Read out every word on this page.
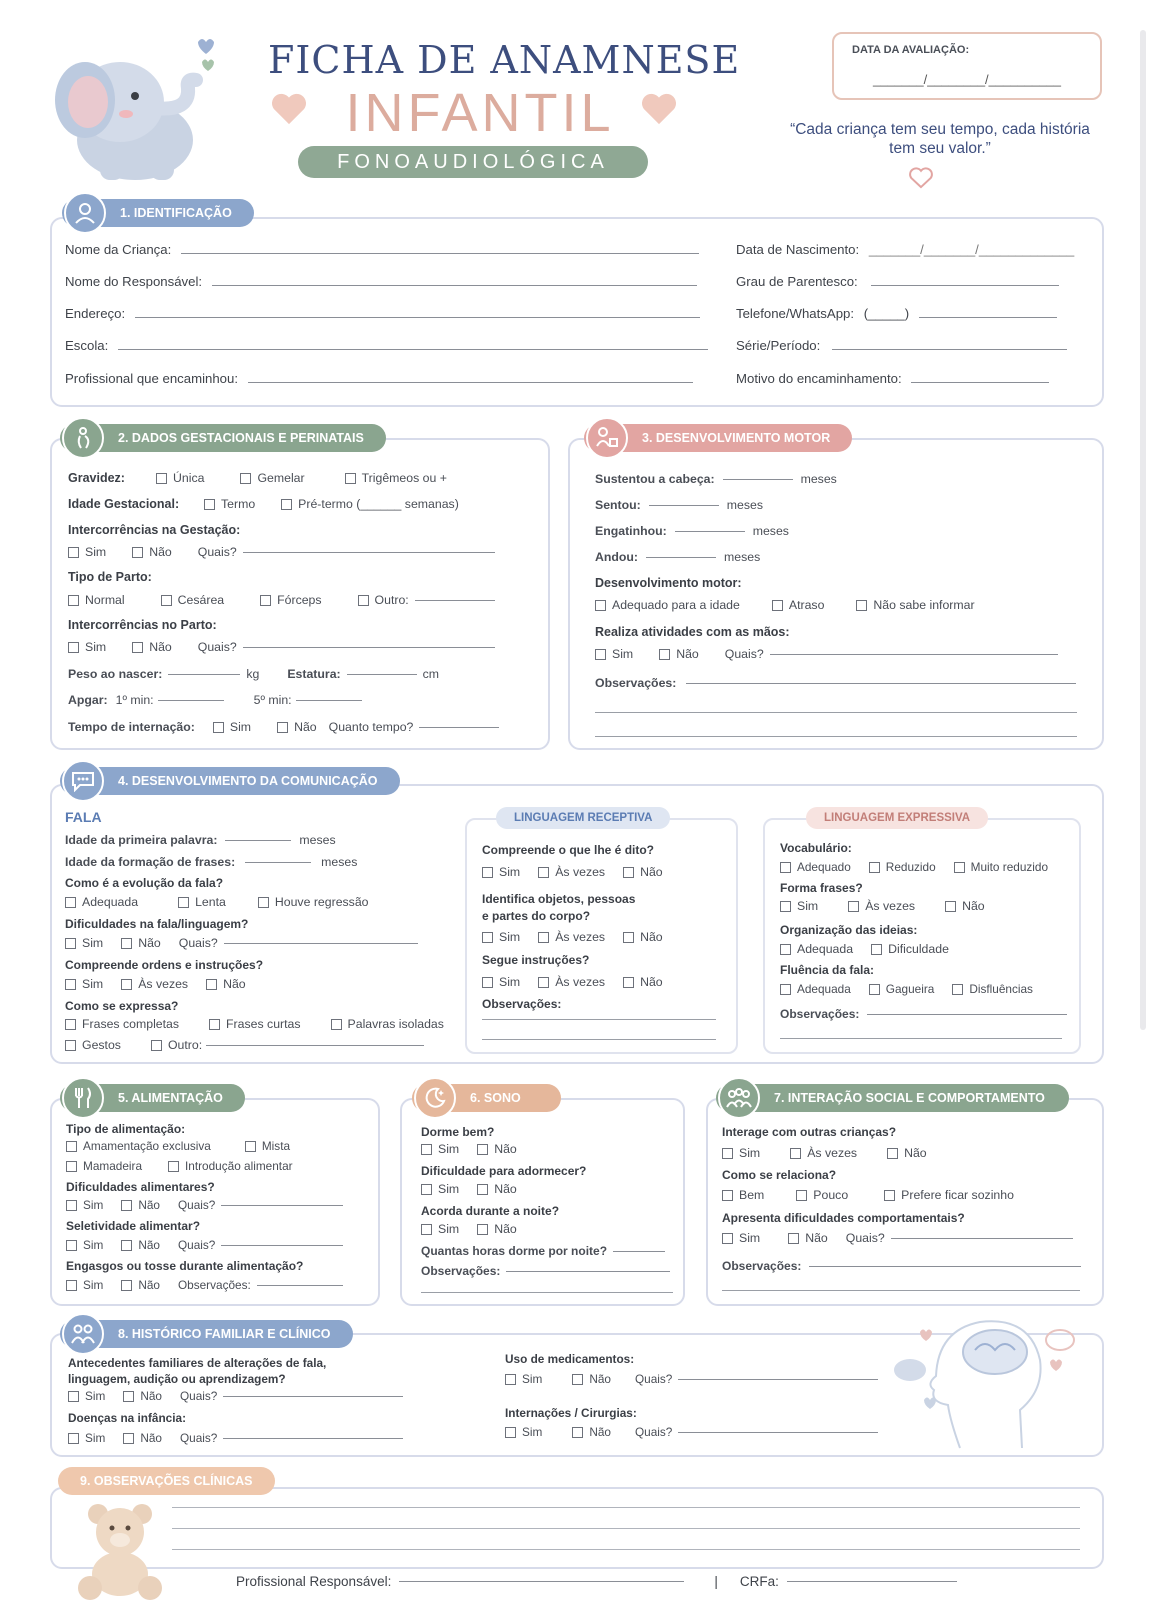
FICHA DE ANAMNESE
INFANTIL
FONOAUDIOLÓGICA
DATA DA AVALIAÇÃO:
_______/________/__________
“Cada criança tem seu tempo, cada história tem seu valor.”
1. IDENTIFICAÇÃO
Nome da Criança:
Nome do Responsável:
Endereço:
Escola:
Profissional que encaminhou:
Data de Nascimento: _______/_______/_____________
Grau de Parentesco:
Telefone/WhatsApp: (_____)
Série/Período:
Motivo do encaminhamento:
2. DADOS GESTACIONAIS E PERINATAIS
Gravidez:	Única	Gemelar	Trigêmeos ou +
Idade Gestacional:	Termo	Pré-termo (______ semanas)
Intercorrências na Gestação:
Sim	Não Quais?
Tipo de Parto:
Normal	Cesárea	Fórceps	Outro:
Intercorrências no Parto:
Sim	Não Quais?
Peso ao nascer:	kg Estatura:	cm
Apgar: 1º min:	5º min:
Tempo de internação:	Sim	Não Quanto tempo?
3. DESENVOLVIMENTO MOTOR
Sustentou a cabeça:	meses
Sentou:	meses
Engatinhou:	meses
Andou:	meses
Desenvolvimento motor:
Adequado para a idade	Atraso	Não sabe informar
Realiza atividades com as mãos:
Sim	Não Quais?
Observações:
4. DESENVOLVIMENTO DA COMUNICAÇÃO
FALA
Idade da primeira palavra:	meses
Idade da formação de frases:	meses
Como é a evolução da fala?
Adequada	Lenta	Houve regressão
Dificuldades na fala/linguagem?
Sim	Não Quais?
Compreende ordens e instruções?
Sim	Às vezes	Não
Como se expressa?
Frases completas	Frases curtas	Palavras isoladas
Gestos	Outro:
LINGUAGEM RECEPTIVA
Compreende o que lhe é dito?
Sim	Às vezes	Não
Identifica objetos, pessoas
e partes do corpo?
Sim	Às vezes	Não
Segue instruções?
Sim	Às vezes	Não
Observações:
LINGUAGEM EXPRESSIVA
Vocabulário:
Adequado	Reduzido	Muito reduzido
Forma frases?
Sim	Às vezes	Não
Organização das ideias:
Adequada	Dificuldade
Fluência da fala:
Adequada	Gagueira	Disfluências
Observações:
5. ALIMENTAÇÃO
Tipo de alimentação:
Amamentação exclusiva	Mista
Mamadeira	Introdução alimentar
Dificuldades alimentares?
Sim	Não Quais?
Seletividade alimentar?
Sim	Não Quais?
Engasgos ou tosse durante alimentação?
Sim	Não Observações:
6. SONO
Dorme bem?
Sim	Não
Dificuldade para adormecer?
Sim	Não
Acorda durante a noite?
Sim	Não
Quantas horas dorme por noite?
Observações:
7. INTERAÇÃO SOCIAL E COMPORTAMENTO
Interage com outras crianças?
Sim	Às vezes	Não
Como se relaciona?
Bem	Pouco	Prefere ficar sozinho
Apresenta dificuldades comportamentais?
Sim	Não Quais?
Observações:
8. HISTÓRICO FAMILIAR E CLÍNICO
Antecedentes familiares de alterações de fala,
linguagem, audição ou aprendizagem?
Sim	Não Quais?
Doenças na infância:
Sim	Não Quais?
Uso de medicamentos:
Sim	Não Quais?
Internações / Cirurgias:
Sim	Não Quais?
9. OBSERVAÇÕES CLÍNICAS
Profissional Responsável:	| CRFa:
